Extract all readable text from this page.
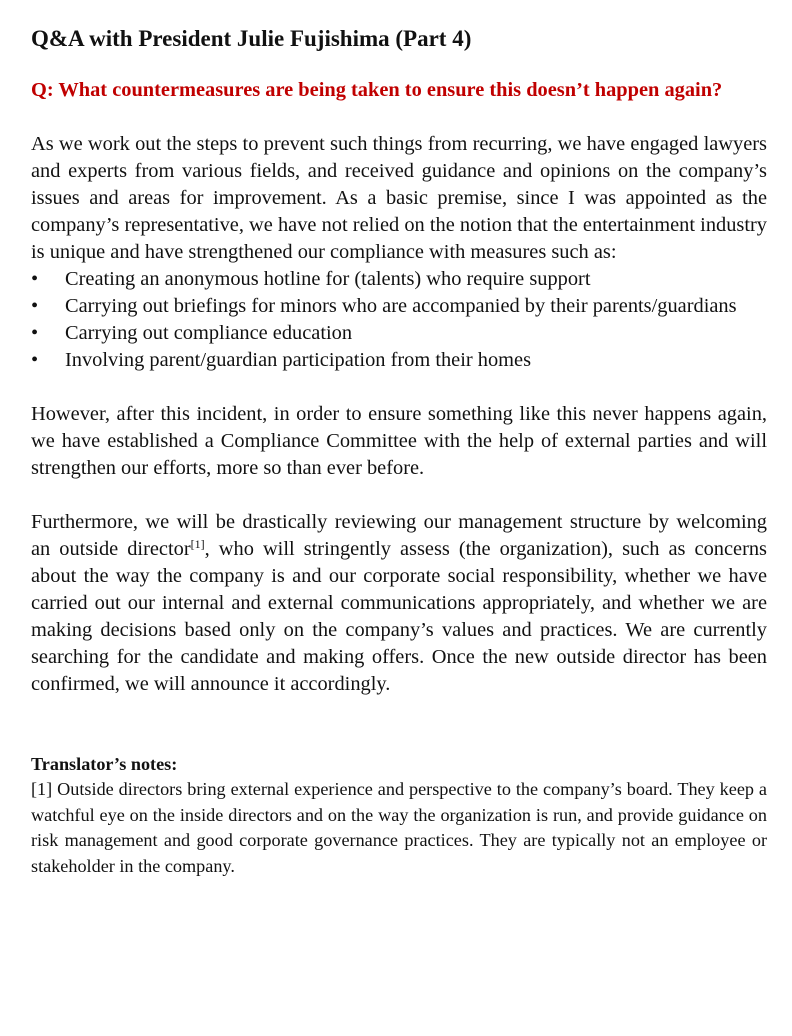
Q&A with President Julie Fujishima (Part 4)

Q: What countermeasures are being taken to ensure this doesn’t happen again?

As we work out the steps to prevent such things from recurring, we have engaged lawyers and experts from various fields, and received guidance and opinions on the company’s issues and areas for improvement. As a basic premise, since I was appointed as the company’s representative, we have not relied on the notion that the entertainment industry is unique and have strengthened our compliance with measures such as:

•	Creating an anonymous hotline for (talents) who require support
•	Carrying out briefings for minors who are accompanied by their parents/guardians
•	Carrying out compliance education
•	Involving parent/guardian participation from their homes

However, after this incident, in order to ensure something like this never happens again, we have established a Compliance Committee with the help of external parties and will strengthen our efforts, more so than ever before.

Furthermore, we will be drastically reviewing our management structure by welcoming an outside director[1], who will stringently assess (the organization), such as concerns about the way the company is and our corporate social responsibility, whether we have carried out our internal and external communications appropriately, and whether we are making decisions based only on the company’s values and practices. We are currently searching for the candidate and making offers. Once the new outside director has been confirmed, we will announce it accordingly.

Translator’s notes:

[1] Outside directors bring external experience and perspective to the company’s board. They keep a watchful eye on the inside directors and on the way the organization is run, and provide guidance on risk management and good corporate governance practices. They are typically not an employee or stakeholder in the company.
